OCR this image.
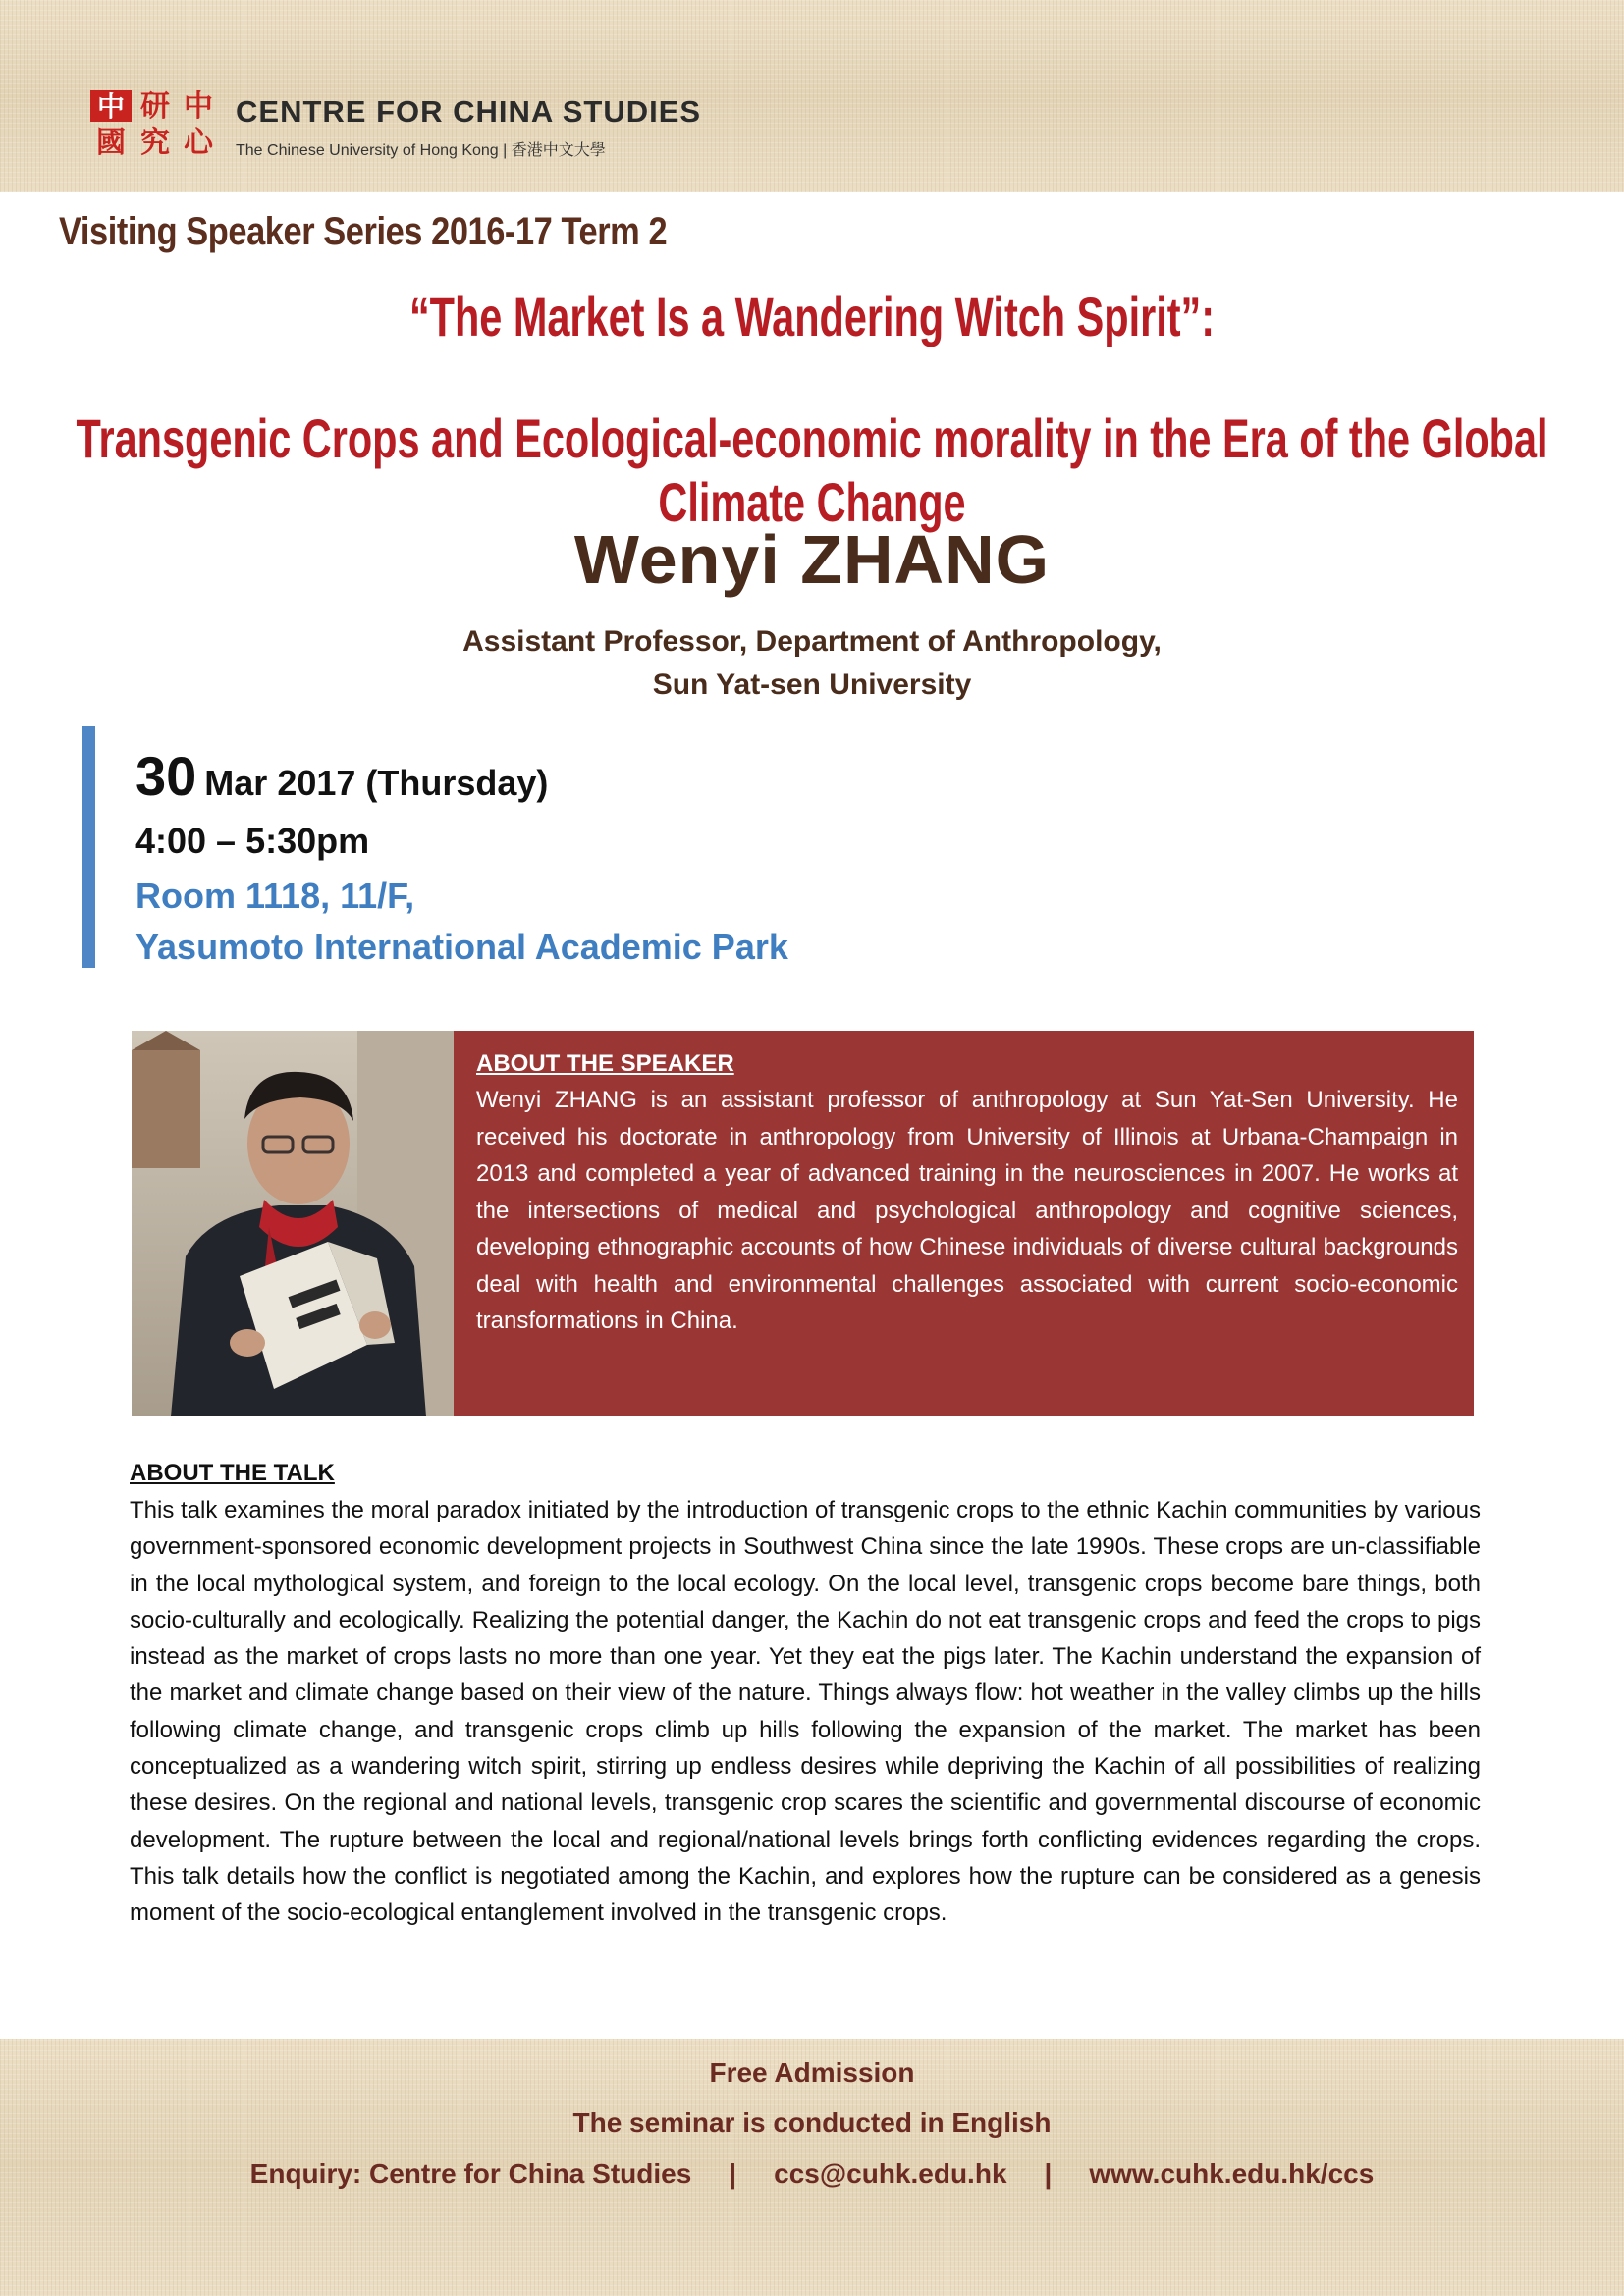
中 研 中
國 究 心
CENTRE FOR CHINA STUDIES
The Chinese University of Hong Kong | 香港中文大學
Visiting Speaker Series 2016-17 Term 2
“The Market Is a Wandering Witch Spirit”:
Transgenic Crops and Ecological-economic morality in the Era of the Global Climate Change
Wenyi ZHANG
Assistant Professor, Department of Anthropology,
Sun Yat-sen University
30 Mar 2017 (Thursday)
4:00 – 5:30pm
Room 1118, 11/F,
Yasumoto International Academic Park
ABOUT THE SPEAKER

Wenyi ZHANG is an assistant professor of anthropology at Sun Yat-Sen University. He received his doctorate in anthropology from University of Illinois at Urbana-Champaign in 2013 and completed a year of advanced training in the neurosciences in 2007. He works at the intersections of medical and psychological anthropology and cognitive sciences, developing ethnographic accounts of how Chinese individuals of diverse cultural backgrounds deal with health and environmental challenges associated with current socio-economic transformations in China.

ABOUT THE TALK

This talk examines the moral paradox initiated by the introduction of transgenic crops to the ethnic Kachin communities by various government-sponsored economic development projects in Southwest China since the late 1990s. These crops are un-classifiable in the local mythological system, and foreign to the local ecology. On the local level, transgenic crops become bare things, both socio-culturally and ecologically. Realizing the potential danger, the Kachin do not eat transgenic crops and feed the crops to pigs instead as the market of crops lasts no more than one year. Yet they eat the pigs later. The Kachin understand the expansion of the market and climate change based on their view of the nature. Things always flow: hot weather in the valley climbs up the hills following climate change, and transgenic crops climb up hills following the expansion of the market. The market has been conceptualized as a wandering witch spirit, stirring up endless desires while depriving the Kachin of all possibilities of realizing these desires. On the regional and national levels, transgenic crop scares the scientific and governmental discourse of economic development. The rupture between the local and regional/national levels brings forth conflicting evidences regarding the crops. This talk details how the conflict is negotiated among the Kachin, and explores how the rupture can be considered as a genesis moment of the socio-ecological entanglement involved in the transgenic crops.

Free Admission
The seminar is conducted in English
Enquiry: Centre for China Studies | ccs@cuhk.edu.hk | www.cuhk.edu.hk/ccs
